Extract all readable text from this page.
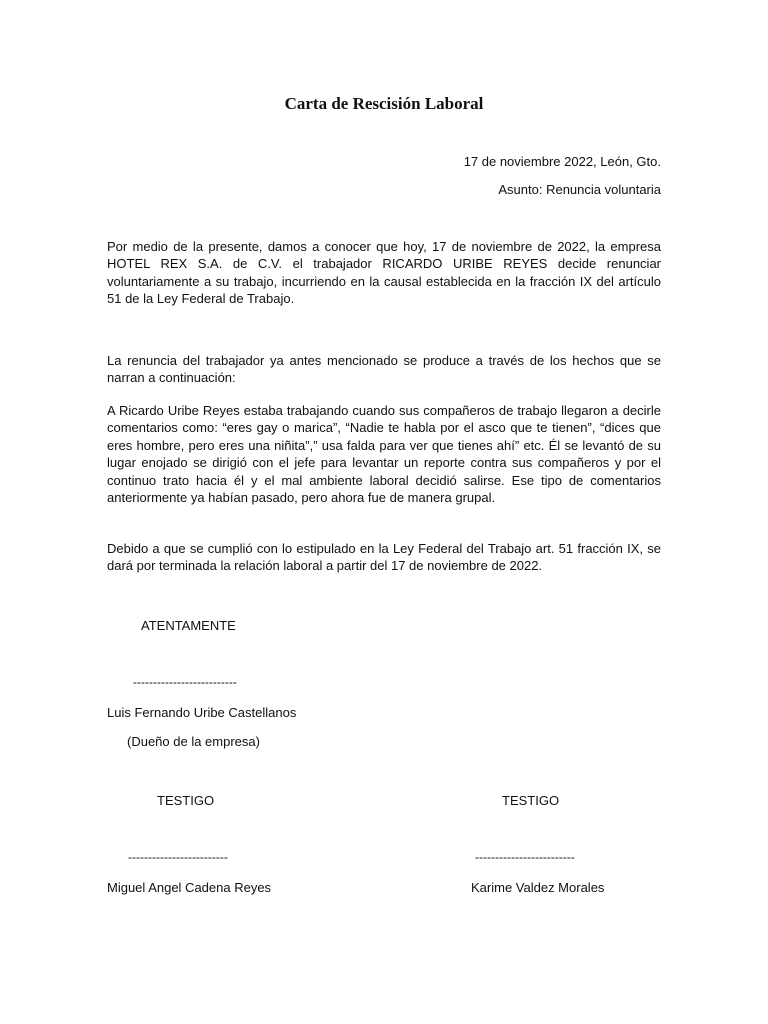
Carta de Rescisión Laboral
17 de noviembre 2022, León, Gto.
Asunto: Renuncia voluntaria

Por medio de la presente, damos a conocer que hoy, 17 de noviembre de 2022, la empresa HOTEL REX S.A. de C.V. el trabajador RICARDO URIBE REYES decide renunciar voluntariamente a su trabajo, incurriendo en la causal establecida en la fracción IX del artículo 51 de la Ley Federal de Trabajo.

La renuncia del trabajador ya antes mencionado se produce a través de los hechos que se narran a continuación:

A Ricardo Uribe Reyes estaba trabajando cuando sus compañeros de trabajo llegaron a decirle comentarios como: “eres gay o marica”, “Nadie te habla por el asco que te tienen”, “dices que eres hombre, pero eres una niñita”,” usa falda para ver que tienes ahí” etc. Él se levantó de su lugar enojado se dirigió con el jefe para levantar un reporte contra sus compañeros y por el continuo trato hacia él y el mal ambiente laboral decidió salirse. Ese tipo de comentarios anteriormente ya habían pasado, pero ahora fue de manera grupal.

Debido a que se cumplió con lo estipulado en la Ley Federal del Trabajo art. 51 fracción IX, se dará por terminada la relación laboral a partir del 17 de noviembre de 2022.

ATENTAMENTE
--------------------------
Luis Fernando Uribe Castellanos
(Dueño de la empresa)
TESTIGO	TESTIGO
-------------------------	-------------------------
Miguel Angel Cadena Reyes	Karime Valdez Morales
